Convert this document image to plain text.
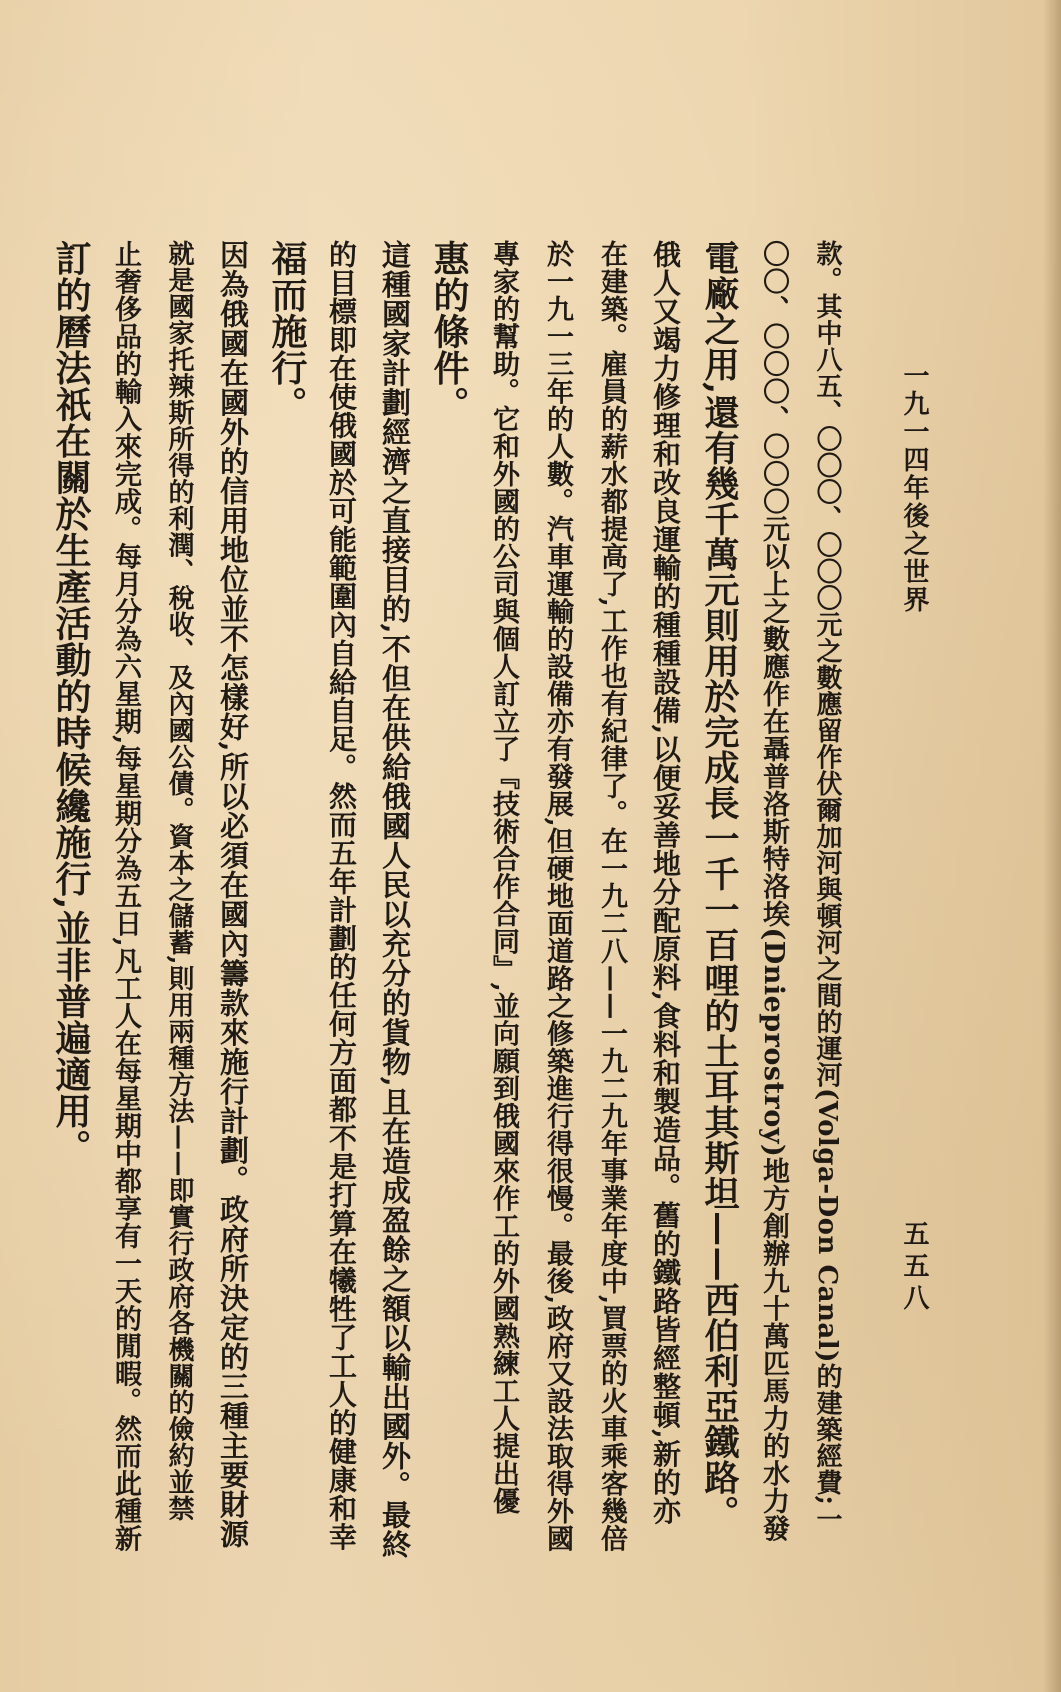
一九一四年後之世界
五五八
款。其中八五、〇〇〇、〇〇〇元之數應留作伏爾加河與頓河之間的運河(Volga-Don Canal)的建築經費;一
〇〇、〇〇〇、〇〇〇元以上之數應作在聶普洛斯特洛埃(Dnieprostroy)地方創辦九十萬匹馬力的水力發
電廠之用,還有幾千萬元則用於完成長一千一百哩的土耳其斯坦——西伯利亞鐵路。
俄人又竭力修理和改良運輸的種種設備,以便妥善地分配原料,食料和製造品。舊的鐵路皆經整頓,新的亦
在建築。雇員的薪水都提高了,工作也有紀律了。在一九二八——一九二九年事業年度中,買票的火車乘客幾倍
於一九一三年的人數。汽車運輸的設備亦有發展,但硬地面道路之修築進行得很慢。最後,政府又設法取得外國
專家的幫助。它和外國的公司與個人訂立了『技術合作合同』,並向願到俄國來作工的外國熟練工人提出優
惠的條件。
這種國家計劃經濟之直接目的,不但在供給俄國人民以充分的貨物,且在造成盈餘之額以輸出國外。最終
的目標即在使俄國於可能範圍內自給自足。然而五年計劃的任何方面都不是打算在犧牲了工人的健康和幸
福而施行。
因為俄國在國外的信用地位並不怎樣好,所以必須在國內籌款來施行計劃。政府所決定的三種主要財源
就是國家托辣斯所得的利潤、稅收、及內國公債。資本之儲蓄,則用兩種方法——即實行政府各機關的儉約並禁
止奢侈品的輸入來完成。每月分為六星期,每星期分為五日,凡工人在每星期中都享有一天的閒暇。然而此種新
訂的曆法祇在關於生產活動的時候纔施行,並非普遍適用。
